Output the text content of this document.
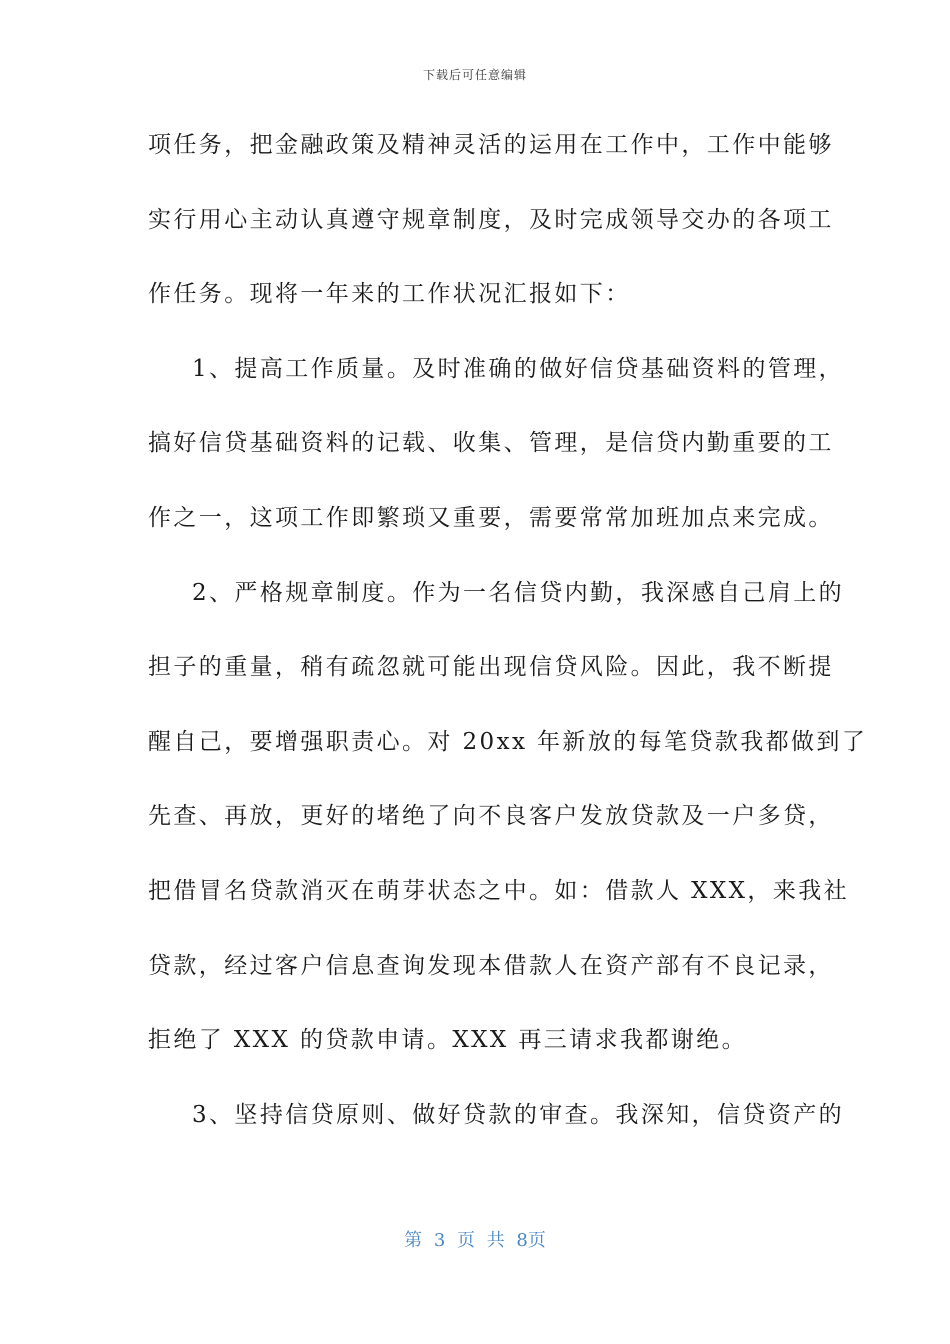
下载后可任意编辑
项任务，把金融政策及精神灵活的运用在工作中，工作中能够
实行用心主动认真遵守规章制度，及时完成领导交办的各项工
作任务。现将一年来的工作状况汇报如下：
1、提高工作质量。及时准确的做好信贷基础资料的管理，
搞好信贷基础资料的记载、收集、管理，是信贷内勤重要的工
作之一，这项工作即繁琐又重要，需要常常加班加点来完成。
2、严格规章制度。作为一名信贷内勤，我深感自己肩上的
担子的重量，稍有疏忽就可能出现信贷风险。因此，我不断提
醒自己，要增强职责心。对 20xx 年新放的每笔贷款我都做到了
先查、再放，更好的堵绝了向不良客户发放贷款及一户多贷，
把借冒名贷款消灭在萌芽状态之中。如：借款人 XXX，来我社
贷款，经过客户信息查询发现本借款人在资产部有不良记录，
拒绝了 XXX 的贷款申请。XXX 再三请求我都谢绝。
3、坚持信贷原则、做好贷款的审查。我深知，信贷资产的
第 3 页 共 8页
